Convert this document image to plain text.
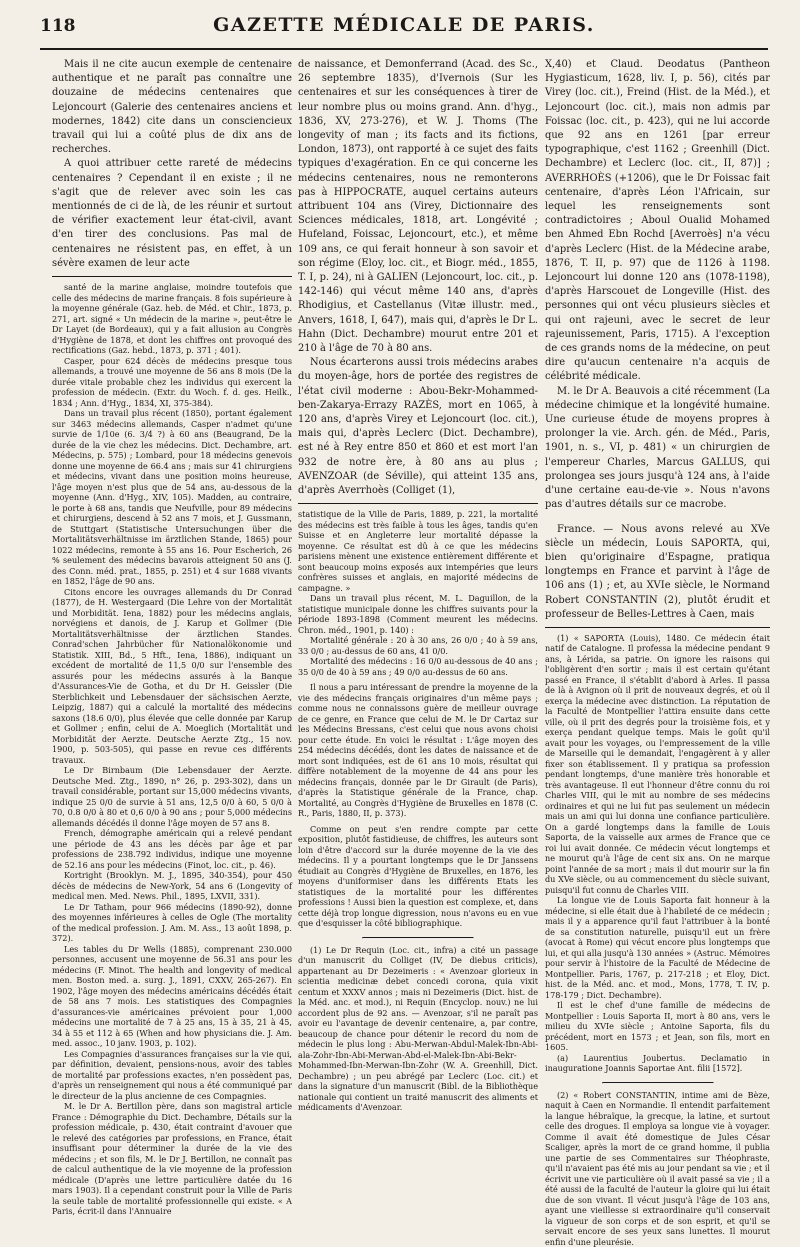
118	GAZETTE MÉDICALE DE PARIS.

Mais il ne cite aucun exemple de centenaire authentique et ne paraît pas connaître une douzaine de médecins centenaires que Lejoncourt (Galerie des centenaires anciens et modernes, 1842) cite dans un consciencieux travail qui lui a coûté plus de dix ans de recherches.

A quoi attribuer cette rareté de médecins centenaires ? Cependant il en existe ; il ne s'agit que de relever avec soin les cas mentionnés de ci de là, de les réunir et surtout de vérifier exactement leur état-civil, avant d'en tirer des conclusions. Pas mal de centenaires ne résistent pas, en effet, à un sévère examen de leur acte

santé de la marine anglaise, moindre toutefois que celle des médecins de marine français. 8 fois supérieure à la moyenne générale (Gaz. heb. de Méd. et Chir., 1873, p. 271, art. signé « Un médecin de la marine », peut-être le Dr Layet (de Bordeaux), qui y a fait allusion au Congrès d'Hygiène de 1878, et dont les chiffres ont provoqué des rectifications (Gaz. hebd., 1873, p. 371 ; 401).

Casper, pour 624 décès de médecins presque tous allemands, a trouvé une moyenne de 56 ans 8 mois (De la durée vitale probable chez les individus qui exercent la profession de médecin. (Extr. du Woch. f. d. ges. Heilk., 1834 ; Ann. d'Hyg., 1834, XI, 375-384).

Dans un travail plus récent (1850), portant également sur 3463 médecins allemands, Casper n'admet qu'une survie de 1/10e (6. 3/4 ?) à 60 ans (Beaugrand, De la durée de la vie chez les médecins. Dict. Dechambre, art. Médecins, p. 575) ; Lombard, pour 18 médecins genevois donne une moyenne de 66.4 ans ; mais sur 41 chirurgiens et médecins, vivant dans une position moins heureuse, l'âge moyen n'est plus que de 54 ans, au-dessous de la moyenne (Ann. d'Hyg., XIV, 105). Madden, au contraire, le porte à 68 ans, tandis que Neufville, pour 89 médecins et chirurgiens, descend à 52 ans 7 mois, et J. Gussmann, de Stuttgart (Statistische Untersuchungen über die Mortalitätsverhältnisse im ärztlichen Stande, 1865) pour 1022 médecins, remonte à 55 ans 16. Pour Escherich, 26 % seulement des médecins bavarois atteignent 50 ans (J. des Conn. méd. prat., 1855, p. 251) et 4 sur 1688 vivants en 1852, l'âge de 90 ans.

Citons encore les ouvrages allemands du Dr Conrad (1877), de H. Westergaard (Die Lehre von der Mortalität und Morbidität. Iena, 1882) pour les médecins anglais, norvégiens et danois, de J. Karup et Gollmer (Die Mortalitätsverhältnisse der ärztlichen Standes. Conrad'schen Jahrbücher für Nationalökonomie und Statistik. XIII, Bd., 5 Hft., Iena, 1886), indiquant un excédent de mortalité de 11,5 0/0 sur l'ensemble des assurés pour les médecins assurés à la Banque d'Assurances-Vie de Gotha, et du Dr H. Geissler (Die Sterblichkeit und Lebensdauer der sächsischen Aerzte, Leipzig, 1887) qui a calculé la mortalité des médecins saxons (18.6 0/0), plus élevée que celle donnée par Karup et Gollmer ; enfin, celui de A. Moeglich (Mortalität und Morbidität der Aerzte. Deutsche Aerzte Ztg., 15 nov. 1900, p. 503-505), qui passe en revue ces différents travaux.

Le Dr Birnbaum (Die Lebensdauer der Aerzte. Deutsche Med. Ztg., 1890, n° 26, p. 293-302), dans un travail considérable, portant sur 15,000 médecins vivants, indique 25 0/0 de survie à 51 ans, 12,5 0/0 à 60, 5 0/0 à 70, 0.8 0/0 à 80 et 0,6 0/0 à 90 ans ; pour 5,000 médecins allemands décédés il donne l'âge moyen de 57 ans 8.

French, démographe américain qui a relevé pendant une période de 43 ans les décès par âge et par professions de 238.792 individus, indique une moyenne de 52.16 ans pour les médecins (Finot, loc. cit., p. 46).

Kortright (Brooklyn. M. J., 1895, 340-354), pour 450 décès de médecins de New-York, 54 ans 6 (Longevity of medical men. Med. News. Phil., 1895, LXVII, 331).

Le Dr Tatham, pour 966 médecins (1890-92), donne des moyennes inférieures à celles de Ogle (The mortality of the medical profession. J. Am. M. Ass., 13 août 1898, p. 372).

Les tables du Dr Wells (1885), comprenant 230.000 personnes, accusent une moyenne de 56.31 ans pour les médecins (F. Minot. The health and longevity of medical men. Boston med. a. surg. J., 1891, CXXV, 265-267). En 1902, l'âge moyen des médecins américains décédés était de 58 ans 7 mois. Les statistiques des Compagnies d'assurances-vie américaines prévoient pour 1,000 médecins une mortalité de 7 à 25 ans, 15 à 35, 21 à 45, 34 à 55 et 112 à 65 (When and how physicians die. J. Am. med. assoc., 10 janv. 1903, p. 102).

Les Compagnies d'assurances françaises sur la vie qui, par définition, devaient, pensions-nous, avoir des tables de mortalité par professions exactes, n'en possèdent pas, d'après un renseignement qui nous a été communiqué par le directeur de la plus ancienne de ces Compagnies.

M. le Dr A. Bertillon père, dans son magistral article France : Démographie du Dict. Dechambre, Détails sur la profession médicale, p. 430, était contraint d'avouer que le relevé des catégories par professions, en France, était insuffisant pour déterminer la durée de la vie des médecins ; et son fils, M. le Dr J. Bertillon, ne connaît pas de calcul authentique de la vie moyenne de la profession médicale (D'après une lettre particulière datée du 16 mars 1903). Il a cependant construit pour la Ville de Paris la seule table de mortalité professionnelle qui existe. « A Paris, écrit-il dans l'Annuaire

de naissance, et Demonferrand (Acad. des Sc., 26 septembre 1835), d'Ivernois (Sur les centenaires et sur les conséquences à tirer de leur nombre plus ou moins grand. Ann. d'hyg., 1836, XV, 273-276), et W. J. Thoms (The longevity of man ; its facts and its fictions, London, 1873), ont rapporté à ce sujet des faits typiques d'exagération. En ce qui concerne les médecins centenaires, nous ne remonterons pas à HIPPOCRATE, auquel certains auteurs attribuent 104 ans (Virey, Dictionnaire des Sciences médicales, 1818, art. Longévité ; Hufeland, Foissac, Lejoncourt, etc.), et même 109 ans, ce qui ferait honneur à son savoir et son régime (Eloy, loc. cit., et Biogr. méd., 1855, T. I, p. 24), ni à GALIEN (Lejoncourt, loc. cit., p. 142-146) qui vécut même 140 ans, d'après Rhodigius, et Castellanus (Vitæ illustr. med., Anvers, 1618, I, 647), mais qui, d'après le Dr L. Hahn (Dict. Dechambre) mourut entre 201 et 210 à l'âge de 70 à 80 ans.

Nous écarterons aussi trois médecins arabes du moyen-âge, hors de portée des registres de l'état civil moderne : Abou-Bekr-Mohammed-ben-Zakarya-Errazy RAZÈS, mort en 1065, à 120 ans, d'après Virey et Lejoncourt (loc. cit.), mais qui, d'après Leclerc (Dict. Dechambre), est né à Rey entre 850 et 860 et est mort l'an 932 de notre ère, à 80 ans au plus ; AVENZOAR (de Séville), qui atteint 135 ans, d'après Averrhoès (Colliget (1),

statistique de la Ville de Paris, 1889, p. 221, la mortalité des médecins est très faible à tous les âges, tandis qu'en Suisse et en Angleterre leur mortalité dépasse la moyenne. Ce résultat est dû à ce que les médecins parisiens mènent une existence entièrement différente et sont beaucoup moins exposés aux intempéries que leurs confrères suisses et anglais, en majorité médecins de campagne. »

Dans un travail plus récent, M. L. Daguillon, de la statistique municipale donne les chiffres suivants pour la période 1893-1898 (Comment meurent les médecins. Chron. méd., 1901, p. 140) :

Mortalité générale : 20 à 30 ans, 26 0/0 ; 40 à 59 ans, 33 0/0 ; au-dessus de 60 ans, 41 0/0.

Mortalité des médecins : 16 0/0 au-dessous de 40 ans ; 35 0/0 de 40 à 59 ans ; 49 0/0 au-dessus de 60 ans.

Il nous a paru intéressant de prendre la moyenne de la vie des médecins français originaires d'un même pays ; comme nous ne connaissons guère de meilleur ouvrage de ce genre, en France que celui de M. le Dr Cartaz sur les Médecins Bressans, c'est celui que nous avons choisi pour cette étude. En voici le résultat : L'âge moyen des 254 médecins décédés, dont les dates de naissance et de mort sont indiquées, est de 61 ans 10 mois, résultat qui diffère notablement de la moyenne de 44 ans pour les médecins français, donnée par le Dr Girault (de Paris), d'après la Statistique générale de la France, chap. Mortalité, au Congrès d'Hygiène de Bruxelles en 1878 (C. R., Paris, 1880, II, p. 373).

Comme on peut s'en rendre compte par cette exposition, plutôt fastidieuse, de chiffres, les auteurs sont loin d'être d'accord sur la durée moyenne de la vie des médecins. Il y a pourtant longtemps que le Dr Janssens étudiait au Congrès d'Hygiène de Bruxelles, en 1876, les moyens d'uniformiser dans les différents Etats les statistiques de la mortalité pour les différentes professions ! Aussi bien la question est complexe, et, dans cette déjà trop longue digression, nous n'avons eu en vue que d'esquisser la côté bibliographique.

(1) Le Dr Requin (Loc. cit., infra) a cité un passage d'un manuscrit du Colliget (IV, De diebus criticis), appartenant au Dr Dezeimeris : « Avenzoar glorieux in scientia medicinæ debet concedi corona, quia vixit centum et XXXV annos ; mais ni Dezeimeris (Dict. hist. de la Méd. anc. et mod.), ni Requin (Encyclop. nouv.) ne lui accordent plus de 92 ans. — Avenzoar, s'il ne paraît pas avoir eu l'avantage de devenir centenaire, a, par contre, beaucoup de chance pour détenir le record du nom de médecin le plus long : Abu-Merwan-Abdul-Malek-Ibn-Abi-ala-Zohr-Ibn-Abi-Merwan-Abd-el-Malek-Ibn-Abi-Bekr-Mohammed-Ibn-Merwan-Ibn-Zohr (W. A. Greenhill, Dict. Dechambre) ; un peu abrégé par Leclerc (Loc. cit.) et dans la signature d'un manuscrit (Bibl. de la Bibliothèque nationale qui contient un traité manuscrit des aliments et médicaments d'Avenzoar.

X,40) et Claud. Deodatus (Pantheon Hygiasticum, 1628, liv. I, p. 56), cités par Virey (loc. cit.), Freind (Hist. de la Méd.), et Lejoncourt (loc. cit.), mais non admis par Foissac (loc. cit., p. 423), qui ne lui accorde que 92 ans en 1261 [par erreur typographique, c'est 1162 ; Greenhill (Dict. Dechambre) et Leclerc (loc. cit., II, 87)] ; AVERRHOÈS (+1206), que le Dr Foissac fait centenaire, d'après Léon l'Africain, sur lequel les renseignements sont contradictoires ; Aboul Oualid Mohamed ben Ahmed Ebn Rochd [Averroès] n'a vécu d'après Leclerc (Hist. de la Médecine arabe, 1876, T. II, p. 97) que de 1126 à 1198. Lejoncourt lui donne 120 ans (1078-1198), d'après Harscouet de Longeville (Hist. des personnes qui ont vécu plusieurs siècles et qui ont rajeuni, avec le secret de leur rajeunissement, Paris, 1715). A l'exception de ces grands noms de la médecine, on peut dire qu'aucun centenaire n'a acquis de célébrité médicale.

M. le Dr A. Beauvois a cité récemment (La médecine chimique et la longévité humaine. Une curieuse étude de moyens propres à prolonger la vie. Arch. gén. de Méd., Paris, 1901, n. s., VI, p. 481) « un chirurgien de l'empereur Charles, Marcus GALLUS, qui prolongea ses jours jusqu'à 124 ans, à l'aide d'une certaine eau-de-vie ». Nous n'avons pas d'autres détails sur ce macrobe.

France. — Nous avons relevé au XVe siècle un médecin, Louis SAPORTA, qui, bien qu'originaire d'Espagne, pratiqua longtemps en France et parvint à l'âge de 106 ans (1) ; et, au XVIe siècle, le Normand Robert CONSTANTIN (2), plutôt érudit et professeur de Belles-Lettres à Caen, mais

(1) « SAPORTA (Louis), 1480. Ce médecin était natif de Catalogne. Il professa la médecine pendant 9 ans, à Lérida, sa patrie. On ignore les raisons qui l'obligèrent d'en sortir ; mais il est certain qu'étant passé en France, il s'établit d'abord à Arles. Il passa de là à Avignon où il prit de nouveaux degrés, et où il exerça la médecine avec distinction. La réputation de la Faculté de Montpellier l'attira ensuite dans cette ville, où il prit des degrés pour la troisième fois, et y exerça pendant quelque temps. Mais le goût qu'il avait pour les voyages, ou l'empressement de la ville de Marseille qui le demandait, l'engagèrent à y aller fixer son établissement. Il y pratiqua sa profession pendant longtemps, d'une manière très honorable et très avantageuse. Il eut l'honneur d'être connu du roi Charles VIII, qui le mit au nombre de ses médecins ordinaires et qui ne lui fut pas seulement un médecin mais un ami qui lui donna une confiance particulière. On a gardé longtemps dans la famille de Louis Saporta, de la vaisselle aux armes de France que ce roi lui avait donnée. Ce médecin vécut longtemps et ne mourut qu'à l'âge de cent six ans. On ne marque point l'année de sa mort ; mais il dut mourir sur la fin du XVe siècle, ou au commencement du siècle suivant, puisqu'il fut connu de Charles VIII.

La longue vie de Louis Saporta fait honneur à la médecine, si elle était due à l'habileté de ce médecin ; mais il y a apparence qu'il faut l'attribuer à la bonté de sa constitution naturelle, puisqu'il eut un frère (avocat à Rome) qui vécut encore plus longtemps que lui, et qui alla jusqu'à 130 années » (Astruc. Mémoires pour servir à l'histoire de la Faculté de Médecine de Montpellier. Paris, 1767, p. 217-218 ; et Eloy, Dict. hist. de la Méd. anc. et mod., Mons, 1778, T. IV, p. 178-179 ; Dict. Dechambre).

Il est le chef d'une famille de médecins de Montpellier : Louis Saporta II, mort à 80 ans, vers le milieu du XVIe siècle ; Antoine Saporta, fils du précédent, mort en 1573 ; et Jean, son fils, mort en 1605.

(a) Laurentius Joubertus. Declamatio in inauguratione Joannis Saportae Ant. filii [1572].

(2) « Robert CONSTANTIN, intime ami de Bèze, naquit à Caen en Normandie. Il entendit parfaitement la langue hébraïque, la grecque, la latine, et surtout celle des drogues. Il employa sa longue vie à voyager. Comme il avait été domestique de Jules César Scaliger, après la mort de ce grand homme, il publia une partie de ses Commentaires sur Théophraste, qu'il n'avaient pas été mis au jour pendant sa vie ; et il écrivit une vie particulière où il avait passé sa vie ; il a été aussi de la faculté de l'auteur la gloire qui lui était due de son vivant. Il vécut jusqu'à l'âge de 103 ans, ayant une vieillesse si extraordinaire qu'il conservait la vigueur de son corps et de son esprit, et qu'il se servait encore de ses yeux sans lunettes. Il mourut enfin d'une pleurésie.
